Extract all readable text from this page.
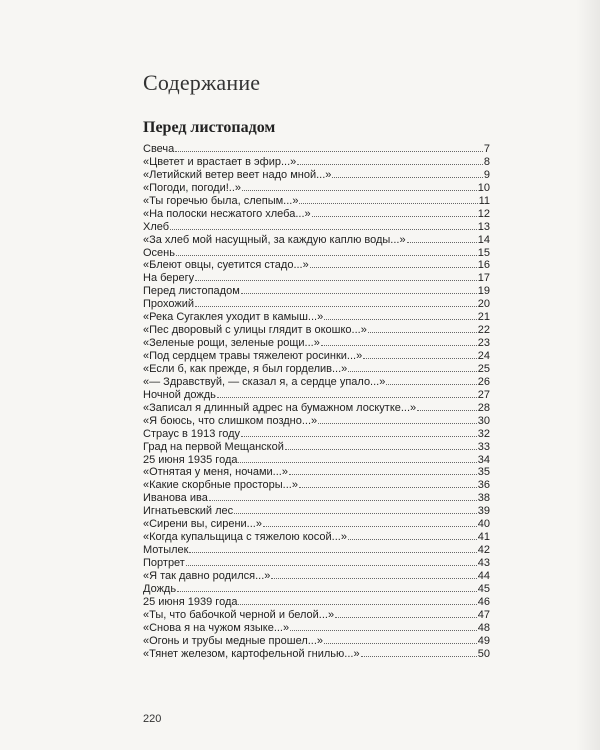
Содержание
Перед листопадом
Свеча	7
«Цветет и врастает в эфир...»	8
«Летийский ветер веет надо мной...»	9
«Погоди, погоди!..»	10
«Ты горечью была, слепым...»	11
«На полоски несжатого хлеба...»	12
Хлеб	13
«За хлеб мой насущный, за каждую каплю воды...»	14
Осень	15
«Блеют овцы, суетится стадо...»	16
На берегу	17
Перед листопадом	19
Прохожий	20
«Река Сугаклея уходит в камыш...»	21
«Пес дворовый с улицы глядит в окошко...»	22
«Зеленые рощи, зеленые рощи...»	23
«Под сердцем травы тяжелеют росинки...»	24
«Если б, как прежде, я был горделив...»	25
«— Здравствуй, — сказал я, а сердце упало...»	26
Ночной дождь	27
«Записал я длинный адрес на бумажном лоскутке...»	28
«Я боюсь, что слишком поздно...»	30
Страус в 1913 году	32
Град на первой Мещанской	33
25 июня 1935 года	34
«Отнятая у меня, ночами...»	35
«Какие скорбные просторы...»	36
Иванова ива	38
Игнатьевский лес	39
«Сирени вы, сирени...»	40
«Когда купальщица с тяжелою косой...»	41
Мотылек	42
Портрет	43
«Я так давно родился...»	44
Дождь	45
25 июня 1939 года	46
«Ты, что бабочкой черной и белой...»	47
«Снова я на чужом языке...»	48
«Огонь и трубы медные прошел...»	49
«Тянет железом, картофельной гнилью...»	50
220
